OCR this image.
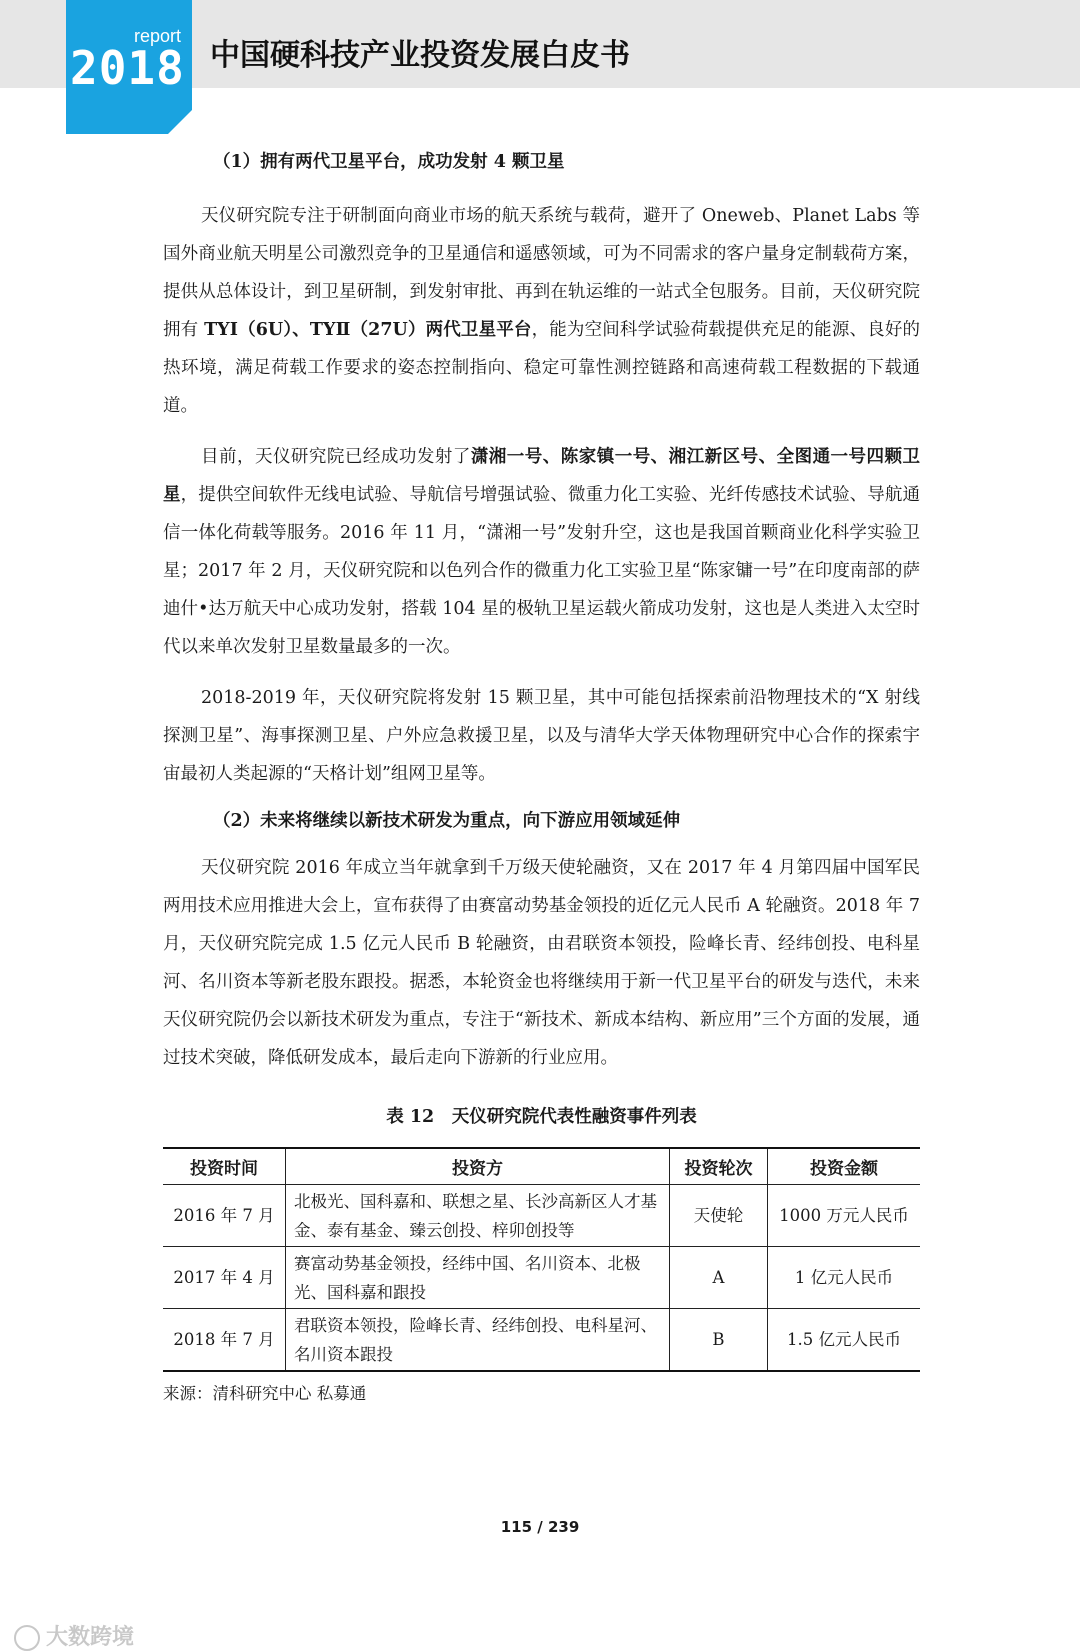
report
2018 中国硬科技产业投资发展白皮书
（1）拥有两代卫星平台，成功发射 4 颗卫星

天仪研究院专注于研制面向商业市场的航天系统与载荷，避开了 Oneweb、Planet Labs 等国外商业航天明星公司激烈竞争的卫星通信和遥感领域，可为不同需求的客户量身定制载荷方案，提供从总体设计，到卫星研制，到发射审批、再到在轨运维的一站式全包服务。目前，天仪研究院拥有 TYⅠ（6U）、TYⅡ（27U）两代卫星平台，能为空间科学试验荷载提供充足的能源、良好的热环境，满足荷载工作要求的姿态控制指向、稳定可靠性测控链路和高速荷载工程数据的下载通道。

目前，天仪研究院已经成功发射了潇湘一号、陈家镇一号、湘江新区号、全图通一号四颗卫星，提供空间软件无线电试验、导航信号增强试验、微重力化工实验、光纤传感技术试验、导航通信一体化荷载等服务。2016 年 11 月，“潇湘一号”发射升空，这也是我国首颗商业化科学实验卫星；2017 年 2 月，天仪研究院和以色列合作的微重力化工实验卫星“陈家镛一号”在印度南部的萨迪什•达万航天中心成功发射，搭载 104 星的极轨卫星运载火箭成功发射，这也是人类进入太空时代以来单次发射卫星数量最多的一次。

2018-2019 年，天仪研究院将发射 15 颗卫星，其中可能包括探索前沿物理技术的“X 射线探测卫星”、海事探测卫星、户外应急救援卫星，以及与清华大学天体物理研究中心合作的探索宇宙最初人类起源的“天格计划”组网卫星等。

（2）未来将继续以新技术研发为重点，向下游应用领域延伸

天仪研究院 2016 年成立当年就拿到千万级天使轮融资，又在 2017 年 4 月第四届中国军民两用技术应用推进大会上，宣布获得了由赛富动势基金领投的近亿元人民币 A 轮融资。2018 年 7 月，天仪研究院完成 1.5 亿元人民币 B 轮融资，由君联资本领投，险峰长青、经纬创投、电科星河、名川资本等新老股东跟投。据悉，本轮资金也将继续用于新一代卫星平台的研发与迭代，未来天仪研究院仍会以新技术研发为重点，专注于“新技术、新成本结构、新应用”三个方面的发展，通过技术突破，降低研发成本，最后走向下游新的行业应用。

表 12　天仪研究院代表性融资事件列表
投资时间	投资方	投资轮次	投资金额
2016 年 7 月	北极光、国科嘉和、联想之星、长沙高新区人才基金、泰有基金、臻云创投、梓卯创投等	天使轮	1000 万元人民币
2017 年 4 月	赛富动势基金领投，经纬中国、名川资本、北极光、国科嘉和跟投	A	1 亿元人民币
2018 年 7 月	君联资本领投，险峰长青、经纬创投、电科星河、名川资本跟投	B	1.5 亿元人民币
来源：清科研究中心 私募通
115 / 239
大数跨境
